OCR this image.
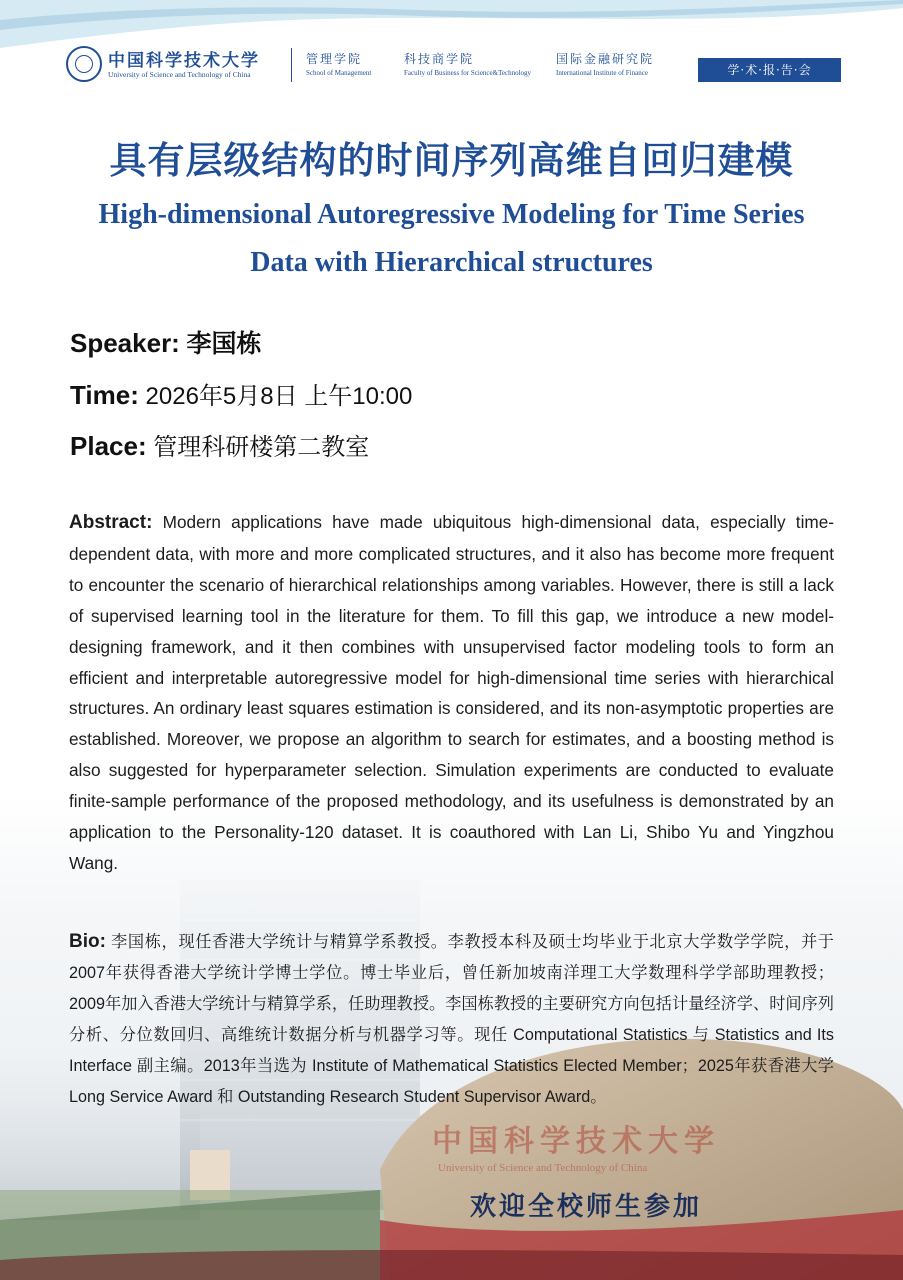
中国科学技术大学
University of Science and Technology of China
管理学院
School of Management
科技商学院
Faculty of Business for Science&Technology
国际金融研究院
International Institute of Finance	学·术·报·告·会
具有层级结构的时间序列高维自回归建模
High-dimensional Autoregressive Modeling for Time Series
Data with Hierarchical structures
Speaker: 李国栋
Time: 2026年5月8日 上午10:00
Place: 管理科研楼第二教室
中国科学技术大学
University of Science and Technology of China
Abstract: Modern applications have made ubiquitous high-dimensional data, especially time-dependent data, with more and more complicated structures, and it also has become more frequent to encounter the scenario of hierarchical relationships among variables. However, there is still a lack of supervised learning tool in the literature for them. To fill this gap, we introduce a new model-designing framework, and it then combines with unsupervised factor modeling tools to form an efficient and interpretable autoregressive model for high-dimensional time series with hierarchical structures. An ordinary least squares estimation is considered, and its non-asymptotic properties are established. Moreover, we propose an algorithm to search for estimates, and a boosting method is also suggested for hyperparameter selection. Simulation experiments are conducted to evaluate finite-sample performance of the proposed methodology, and its usefulness is demonstrated by an application to the Personality-120 dataset. It is coauthored with Lan Li, Shibo Yu and Yingzhou Wang.
Bio: 李国栋，现任香港大学统计与精算学系教授。李教授本科及硕士均毕业于北京大学数学学院，并于2007年获得香港大学统计学博士学位。博士毕业后，曾任新加坡南洋理工大学数理科学学部助理教授；2009年加入香港大学统计与精算学系，任助理教授。李国栋教授的主要研究方向包括计量经济学、时间序列分析、分位数回归、高维统计数据分析与机器学习等。现任 Computational Statistics 与 Statistics and Its Interface 副主编。2013年当选为 Institute of Mathematical Statistics Elected Member；2025年获香港大学 Long Service Award 和 Outstanding Research Student Supervisor Award。
欢迎全校师生参加
